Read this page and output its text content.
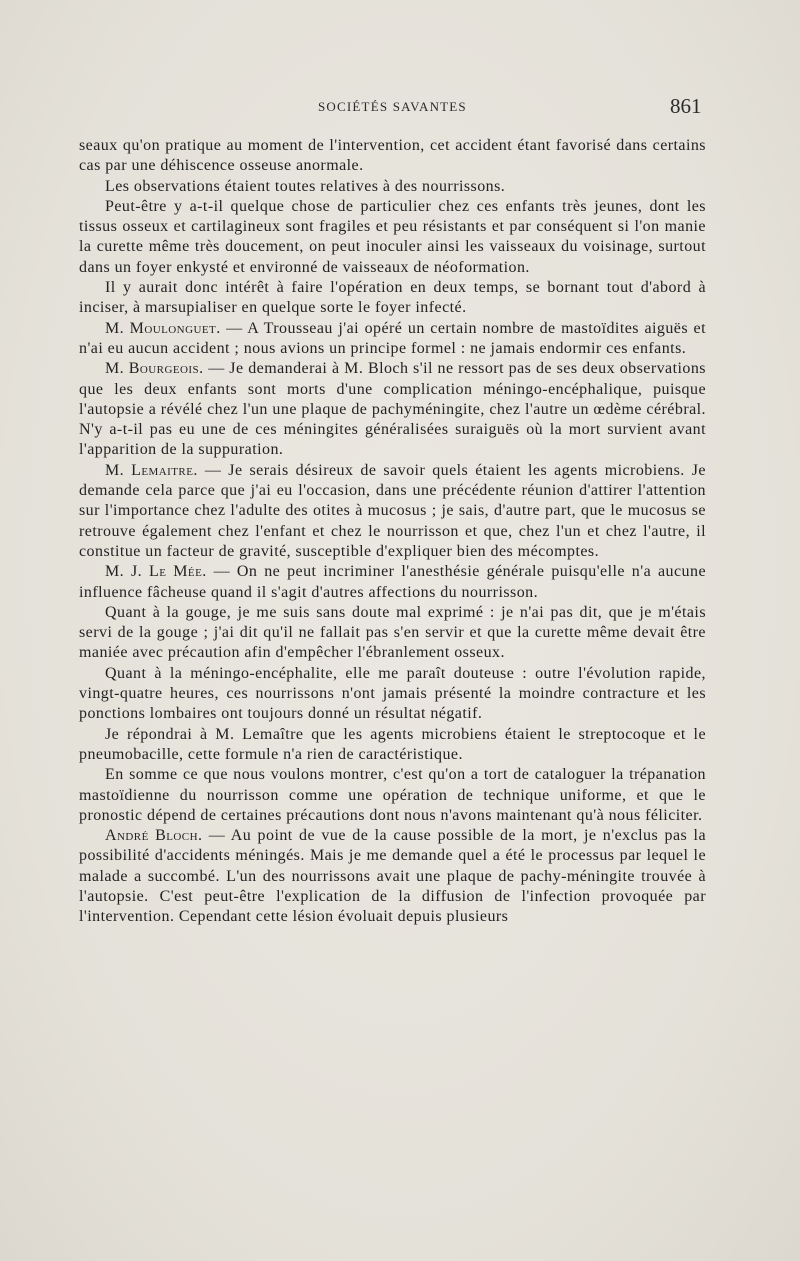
SOCIÉTÉS SAVANTES	861

seaux qu'on pratique au moment de l'intervention, cet accident étant favorisé dans certains cas par une déhiscence osseuse anormale.

Les observations étaient toutes relatives à des nourrissons.

Peut-être y a-t-il quelque chose de particulier chez ces enfants très jeunes, dont les tissus osseux et cartilagineux sont fragiles et peu résistants et par conséquent si l'on manie la curette même très doucement, on peut inoculer ainsi les vaisseaux du voisinage, surtout dans un foyer enkysté et environné de vaisseaux de néoformation.

Il y aurait donc intérêt à faire l'opération en deux temps, se bornant tout d'abord à inciser, à marsupialiser en quelque sorte le foyer infecté.

M. Moulonguet. — A Trousseau j'ai opéré un certain nombre de mastoïdites aiguës et n'ai eu aucun accident ; nous avions un principe formel : ne jamais endormir ces enfants.

M. Bourgeois. — Je demanderai à M. Bloch s'il ne ressort pas de ses deux observations que les deux enfants sont morts d'une complication méningo-encéphalique, puisque l'autopsie a révélé chez l'un une plaque de pachyméningite, chez l'autre un œdème cérébral. N'y a-t-il pas eu une de ces méningites généralisées suraiguës où la mort survient avant l'apparition de la suppuration.

M. Lemaitre. — Je serais désireux de savoir quels étaient les agents microbiens. Je demande cela parce que j'ai eu l'occasion, dans une précédente réunion d'attirer l'attention sur l'importance chez l'adulte des otites à mucosus ; je sais, d'autre part, que le mucosus se retrouve également chez l'enfant et chez le nourrisson et que, chez l'un et chez l'autre, il constitue un facteur de gravité, susceptible d'expliquer bien des mécomptes.

M. J. Le Mée. — On ne peut incriminer l'anesthésie générale puisqu'elle n'a aucune influence fâcheuse quand il s'agit d'autres affections du nourrisson.

Quant à la gouge, je me suis sans doute mal exprimé : je n'ai pas dit, que je m'étais servi de la gouge ; j'ai dit qu'il ne fallait pas s'en servir et que la curette même devait être maniée avec précaution afin d'empêcher l'ébranlement osseux.

Quant à la méningo-encéphalite, elle me paraît douteuse : outre l'évolution rapide, vingt-quatre heures, ces nourrissons n'ont jamais présenté la moindre contracture et les ponctions lombaires ont toujours donné un résultat négatif.

Je répondrai à M. Lemaître que les agents microbiens étaient le streptocoque et le pneumobacille, cette formule n'a rien de caractéristique.

En somme ce que nous voulons montrer, c'est qu'on a tort de cataloguer la trépanation mastoïdienne du nourrisson comme une opération de technique uniforme, et que le pronostic dépend de certaines précautions dont nous n'avons maintenant qu'à nous féliciter.

André Bloch. — Au point de vue de la cause possible de la mort, je n'exclus pas la possibilité d'accidents méningés. Mais je me demande quel a été le processus par lequel le malade a succombé. L'un des nourrissons avait une plaque de pachy-méningite trouvée à l'autopsie. C'est peut-être l'explication de la diffusion de l'infection provoquée par l'intervention. Cependant cette lésion évoluait depuis plusieurs
